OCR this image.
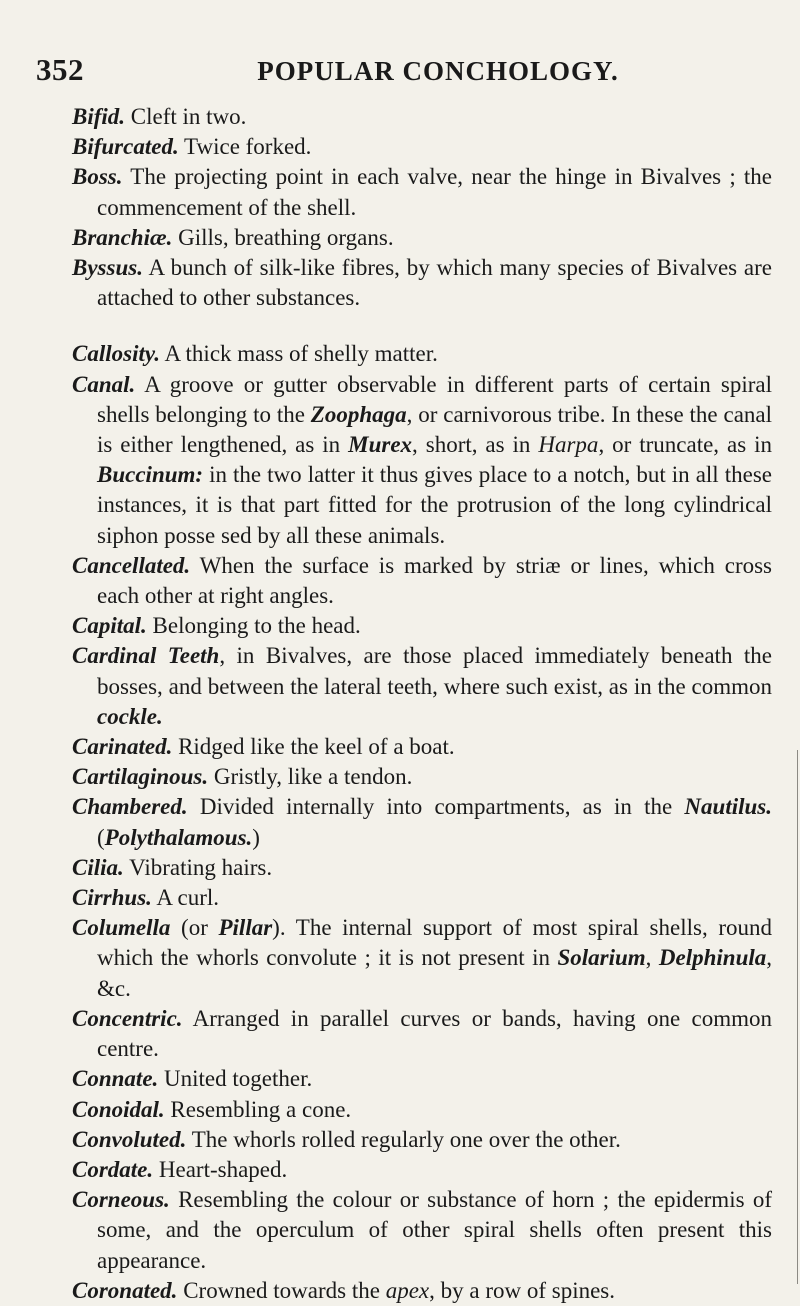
352	POPULAR CONCHOLOGY.

Bifid. Cleft in two.

Bifurcated. Twice forked.

Boss. The projecting point in each valve, near the hinge in Bivalves ; the commencement of the shell.

Branchiæ. Gills, breathing organs.

Byssus. A bunch of silk-like fibres, by which many species of Bivalves are attached to other substances.

Callosity. A thick mass of shelly matter.

Canal. A groove or gutter observable in different parts of certain spiral shells belonging to the Zoophaga, or carnivorous tribe. In these the canal is either lengthened, as in Murex, short, as in Harpa, or truncate, as in Buccinum: in the two latter it thus gives place to a notch, but in all these instances, it is that part fitted for the protrusion of the long cylindrical siphon posse sed by all these animals.

Cancellated. When the surface is marked by striæ or lines, which cross each other at right angles.

Capital. Belonging to the head.

Cardinal Teeth, in Bivalves, are those placed immediately beneath the bosses, and between the lateral teeth, where such exist, as in the common cockle.

Carinated. Ridged like the keel of a boat.

Cartilaginous. Gristly, like a tendon.

Chambered. Divided internally into compartments, as in the Nautilus. (Polythalamous.)

Cilia. Vibrating hairs.

Cirrhus. A curl.

Columella (or Pillar). The internal support of most spiral shells, round which the whorls convolute ; it is not present in Solarium, Delphinula, &c.

Concentric. Arranged in parallel curves or bands, having one common centre.

Connate. United together.

Conoidal. Resembling a cone.

Convoluted. The whorls rolled regularly one over the other.

Cordate. Heart-shaped.

Corneous. Resembling the colour or substance of horn ; the epidermis of some, and the operculum of other spiral shells often present this appearance.

Coronated. Crowned towards the apex, by a row of spines.
